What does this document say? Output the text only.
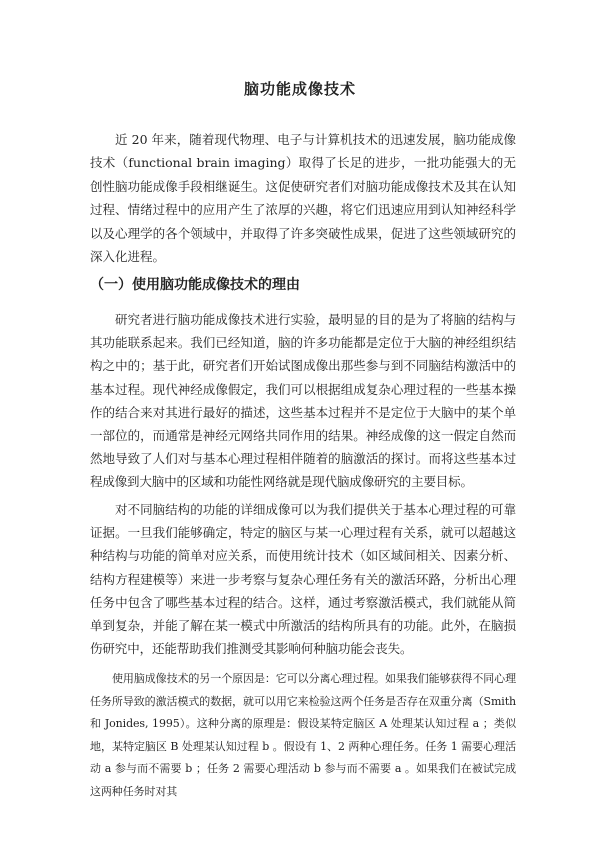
脑功能成像技术

近 20 年来，随着现代物理、电子与计算机技术的迅速发展，脑功能成像技术（functional brain imaging）取得了长足的进步，一批功能强大的无创性脑功能成像手段相继诞生。这促使研究者们对脑功能成像技术及其在认知过程、情绪过程中的应用产生了浓厚的兴趣，将它们迅速应用到认知神经科学以及心理学的各个领域中，并取得了许多突破性成果，促进了这些领域研究的深入化进程。

（一）使用脑功能成像技术的理由

研究者进行脑功能成像技术进行实验，最明显的目的是为了将脑的结构与其功能联系起来。我们已经知道，脑的许多功能都是定位于大脑的神经组织结构之中的；基于此，研究者们开始试图成像出那些参与到不同脑结构激活中的基本过程。现代神经成像假定，我们可以根据组成复杂心理过程的一些基本操作的结合来对其进行最好的描述，这些基本过程并不是定位于大脑中的某个单一部位的，而通常是神经元网络共同作用的结果。神经成像的这一假定自然而然地导致了人们对与基本心理过程相伴随着的脑激活的探讨。而将这些基本过程成像到大脑中的区域和功能性网络就是现代脑成像研究的主要目标。

对不同脑结构的功能的详细成像可以为我们提供关于基本心理过程的可靠证据。一旦我们能够确定，特定的脑区与某一心理过程有关系，就可以超越这种结构与功能的简单对应关系，而使用统计技术（如区域间相关、因素分析、结构方程建模等）来进一步考察与复杂心理任务有关的激活环路，分析出心理任务中包含了哪些基本过程的结合。这样，通过考察激活模式，我们就能从简单到复杂，并能了解在某一模式中所激活的结构所具有的功能。此外，在脑损伤研究中，还能帮助我们推测受其影响何种脑功能会丧失。

使用脑成像技术的另一个原因是：它可以分离心理过程。如果我们能够获得不同心理任务所导致的激活模式的数据，就可以用它来检验这两个任务是否存在双重分离（Smith 和 Jonides, 1995）。这种分离的原理是：假设某特定脑区 A 处理某认知过程 a ；类似地，某特定脑区 B 处理某认知过程 b 。假设有 1、2 两种心理任务。任务 1 需要心理活动 a 参与而不需要 b ；任务 2 需要心理活动 b 参与而不需要 a 。如果我们在被试完成这两种任务时对其
